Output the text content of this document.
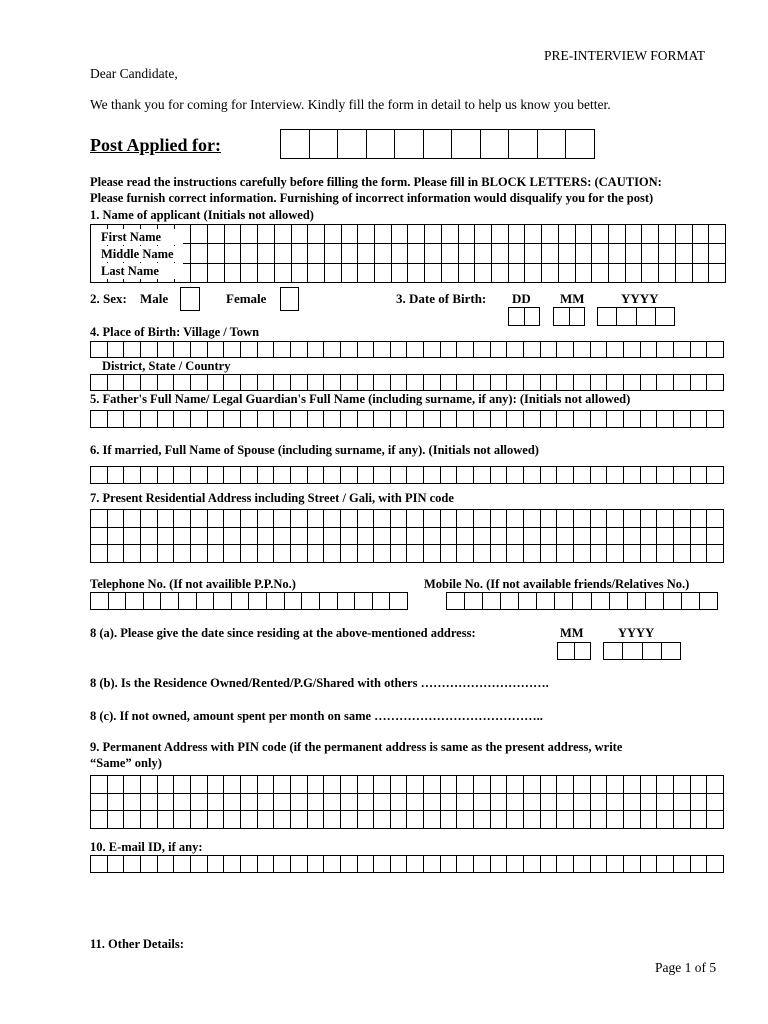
PRE-INTERVIEW FORMAT
Dear Candidate,
We thank you for coming for Interview. Kindly fill the form in detail to help us know you better.
Post Applied for:
Please read the instructions carefully before filling the form. Please fill in BLOCK LETTERS: (CAUTION:
Please furnish correct information. Furnishing of incorrect information would disqualify you for the post)
1. Name of applicant (Initials not allowed)
First Name
Middle Name
Last Name
2. Sex: Male	Female	3. Date of Birth: DD MM	YYYY
4. Place of Birth: Village / Town
District, State / Country
5. Father's Full Name/ Legal Guardian's Full Name (including surname, if any): (Initials not allowed)
6. If married, Full Name of Spouse (including surname, if any). (Initials not allowed)
7. Present Residential Address including Street / Gali, with PIN code
Telephone No. (If not availible P.P.No.)	Mobile No. (If not available friends/Relatives No.)
8 (a). Please give the date since residing at the above-mentioned address:	MM	YYYY
8 (b). Is the Residence Owned/Rented/P.G/Shared with others ………………………….
8 (c). If not owned, amount spent per month on same …………………………………..
9. Permanent Address with PIN code (if the permanent address is same as the present address, write
“Same” only)
10. E-mail ID, if any:
11. Other Details:
Page 1 of 5
